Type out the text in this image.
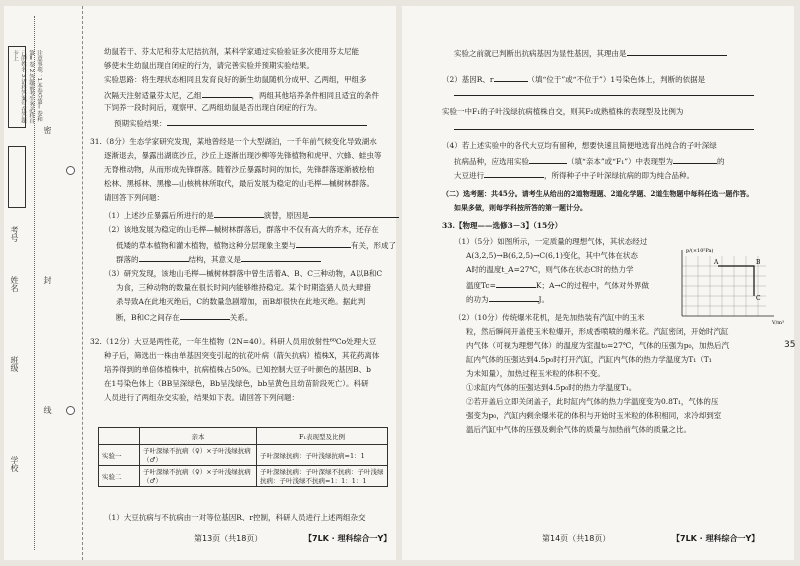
注意事项：1.本卷分第Ⅰ卷和第Ⅱ卷 2.答题前考生务必将自己的姓名 3.请将答案写在答题卡上
学校
班级
姓名
考号
密
封
线
幼鼠若干、芬太尼和芬太尼拮抗剂，某科学家通过实验验证多次使用芬太尼能
够使未生幼鼠出现自闭症的行为，请完善实验并预期实验结果。
实验思路：将生理状态相同且发育良好的新生幼鼠随机分成甲、乙两组，甲组多
次隔天注射适量芬太尼，乙组	，两组其他培养条件相同且适宜的条件
下饲养一段时间后，观察甲、乙两组幼鼠是否出现自闭症的行为。
预期实验结果：
31.（8分）生态学家研究发现，某地曾经是一个大型湖泊，一千年前气候变化导致湖水
逐渐退去，暴露出湖底沙丘，沙丘上逐渐出现沙柳等先锋植物和虎甲、穴蜂、蛙虫等
无脊椎动物，从而形成先锋群落。随着沙丘暴露时间的加长，先锋群落逐渐被桧柏
松林、黑栎林、黑橡—山核桃林所取代，最后发展为稳定的山毛榉—槭树林群落。
请回答下列问题：
（1）上述沙丘暴露后所进行的是	演替，原因是
（2）该地发展为稳定的山毛榉—槭树林群落后，群落中不仅有高大的乔木，还存在
低矮的草本植物和灌木植物，植物这种分层现象主要与	有关，形成了
群落的	结构，其意义是
（3）研究发现，该地山毛榉—槭树林群落中曾生活着A、B、C三种动物，A以B和C
为食，三种动物的数量在很长时间内能够维持稳定。某个时期盗猎人员大肆猎
杀导致A在此地灭绝后，C的数量急剧增加，而B却很快在此地灭绝。据此判
断，B和C之间存在	关系。
32.（12分）大豆是两性花，一年生植物（2N=40）。科研人员用放射性⁶⁰Co处理大豆
种子后，筛选出一株由单基因突变引起的抗花叶病（箭矢抗病）植株X，其花药离体
培养得到的单倍体植株中，抗病植株占50%。已知控制大豆子叶颜色的基因B、b
在1号染色体上（BB呈深绿色，Bb呈浅绿色，bb呈黄色且幼苗阶段死亡）。科研
人员进行了两组杂交实验，结果如下表。请回答下列问题：
	亲本	F₁表现型及比例
实验一	子叶深绿不抗病（♀）×子叶浅绿抗病（♂）	子叶深绿抗病：子叶浅绿抗病=1：1
实验二	子叶深绿不抗病（♀）×子叶浅绿抗病（♂）	子叶深绿抗病：子叶深绿不抗病：子叶浅绿抗病：子叶浅绿不抗病=1：1：1：1
（1）大豆抗病与不抗病由一对等位基因R、r控制，科研人员进行上述两组杂交
第13页（共18页）	【7LK · 理科综合一Y】
实验之前就已判断出抗病基因为显性基因，其理由是
（2）基因R、r	（填“位于”或“不位于”）1号染色体上，判断的依据是
实验一中F₁的子叶浅绿抗病植株自交，则其F₂成熟植株的表现型及比例为
（4）若上述实验中的各代大豆均有留种，想要快速且简便地选育出纯合的子叶深绿
抗病品种，应选用实验	（填“亲本”或“F₁”）中表现型为	的
大豆进行	，所得种子中子叶深绿抗病的即为纯合品种。
（二）选考题：共45分。请考生从给出的2道物理题、2道化学题、2道生物题中每科任选一题作答。
如果多做，则每学科按所答的第一题计分。
33.【物理——选修3－3】（15分）
（1）（5分）如图所示，一定质量的理想气体，其状态经过
A(3,2,5)→B(6,2,5)→C(6,1)变化，其中气体在状态
A时的温度t_A=27℃，则气体在状态C时的热力学
温度Tc=	K；A→C的过程中，气体对外界做
的功为	J。
p/(×10⁵Pa)
V/m³
A	B
C
（2）（10分）传统爆米花机，是先加热装有汽缸中的玉米
粒，然后瞬间开盖使玉米粒爆开，形成香喷喷的爆米花。汽缸密闭，开始时汽缸
内气体（可视为理想气体）的温度为室温t₀=27℃，气体的压强为p₀，加热后汽
缸内气体的压强达到4.5p₀时打开汽缸，汽缸内气体的热力学温度为T₁（T₁
为未知量），加热过程玉米粒的体积不变。
①求缸内气体的压强达到4.5p₀时的热力学温度T₁。
②若开盖后立即关闭盖子，此时缸内气体的热力学温度变为0.8T₁，气体的压
强变为p₀，汽缸内剩余爆米花的体积与开始时玉米粒的体积相同，求冷却到室
温后汽缸中气体的压强及剩余气体的质量与加热前气体的质量之比。
第14页（共18页）	【7LK · 理科综合一Y】
35
